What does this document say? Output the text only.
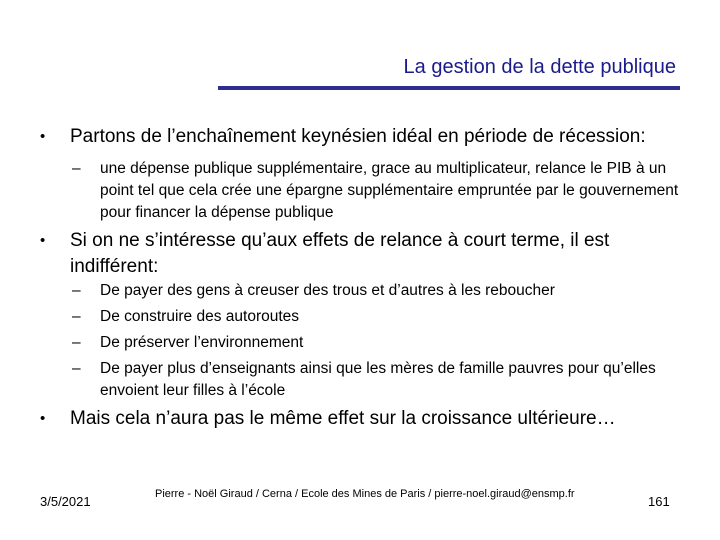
La gestion de la dette publique
•	Partons de l’enchaînement keynésien idéal en période de récession:
–	une dépense publique supplémentaire, grace au multiplicateur, relance le PIB à un point tel que cela crée une épargne supplémentaire empruntée par le gouvernement pour financer la dépense publique
•	Si on ne s’intéresse qu’aux effets de relance à court terme, il est indifférent:
–	De payer des gens à creuser des trous et d’autres à les reboucher
–	De construire des autoroutes
–	De préserver l’environnement
–	De payer plus d’enseignants ainsi que les mères de famille pauvres pour qu’elles envoient leur filles à l’école
•	Mais cela n’aura pas le même effet sur la croissance ultérieure…
3/5/2021	Pierre - Noël Giraud / Cerna / Ecole des Mines de Paris / pierre-noel.giraud@ensmp.fr	161
